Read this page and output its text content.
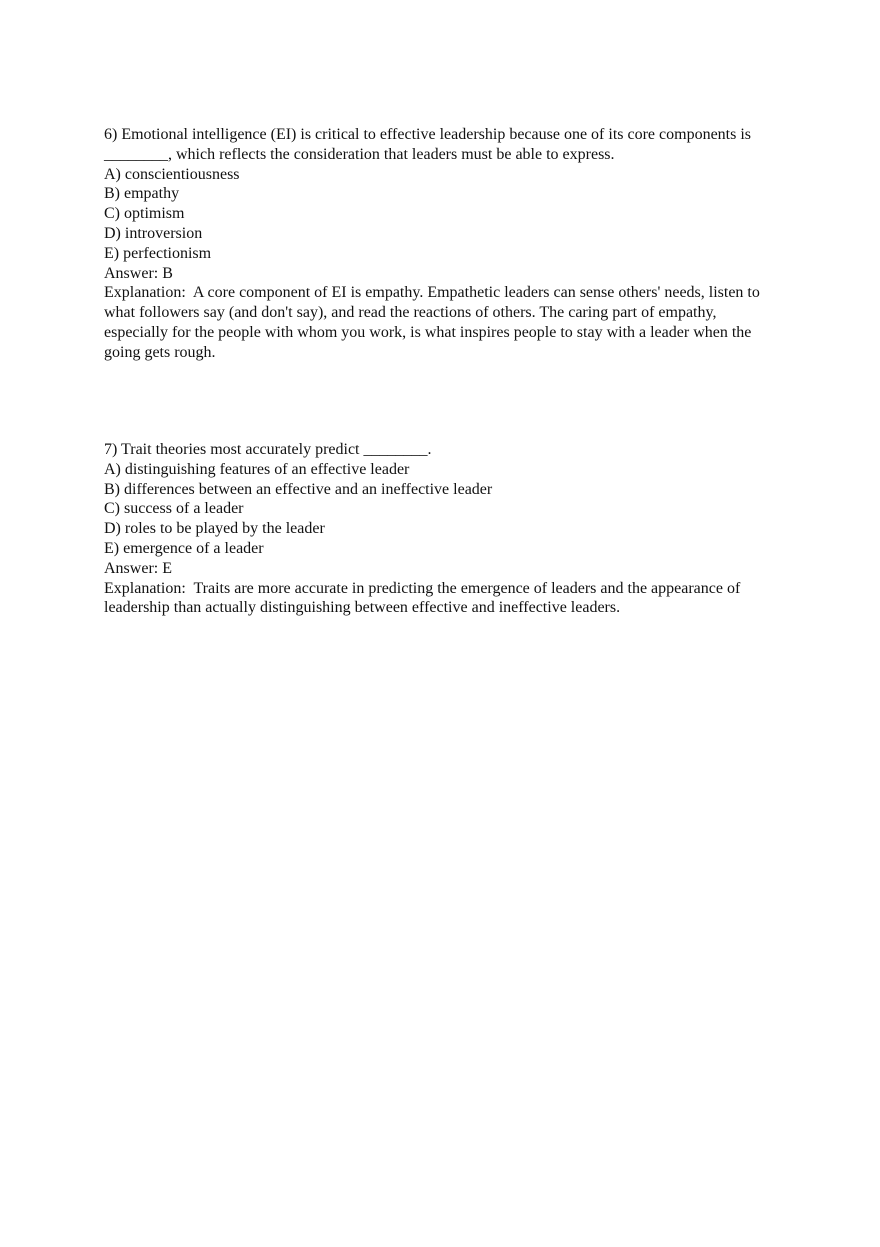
6) Emotional intelligence (EI) is critical to effective leadership because one of its core components is ________, which reflects the consideration that leaders must be able to express.
A) conscientiousness
B) empathy
C) optimism
D) introversion
E) perfectionism
Answer: B
Explanation:  A core component of EI is empathy. Empathetic leaders can sense others' needs, listen to what followers say (and don't say), and read the reactions of others. The caring part of empathy, especially for the people with whom you work, is what inspires people to stay with a leader when the going gets rough.
7) Trait theories most accurately predict ________.
A) distinguishing features of an effective leader
B) differences between an effective and an ineffective leader
C) success of a leader
D) roles to be played by the leader
E) emergence of a leader
Answer: E
Explanation:  Traits are more accurate in predicting the emergence of leaders and the appearance of leadership than actually distinguishing between effective and ineffective leaders.
